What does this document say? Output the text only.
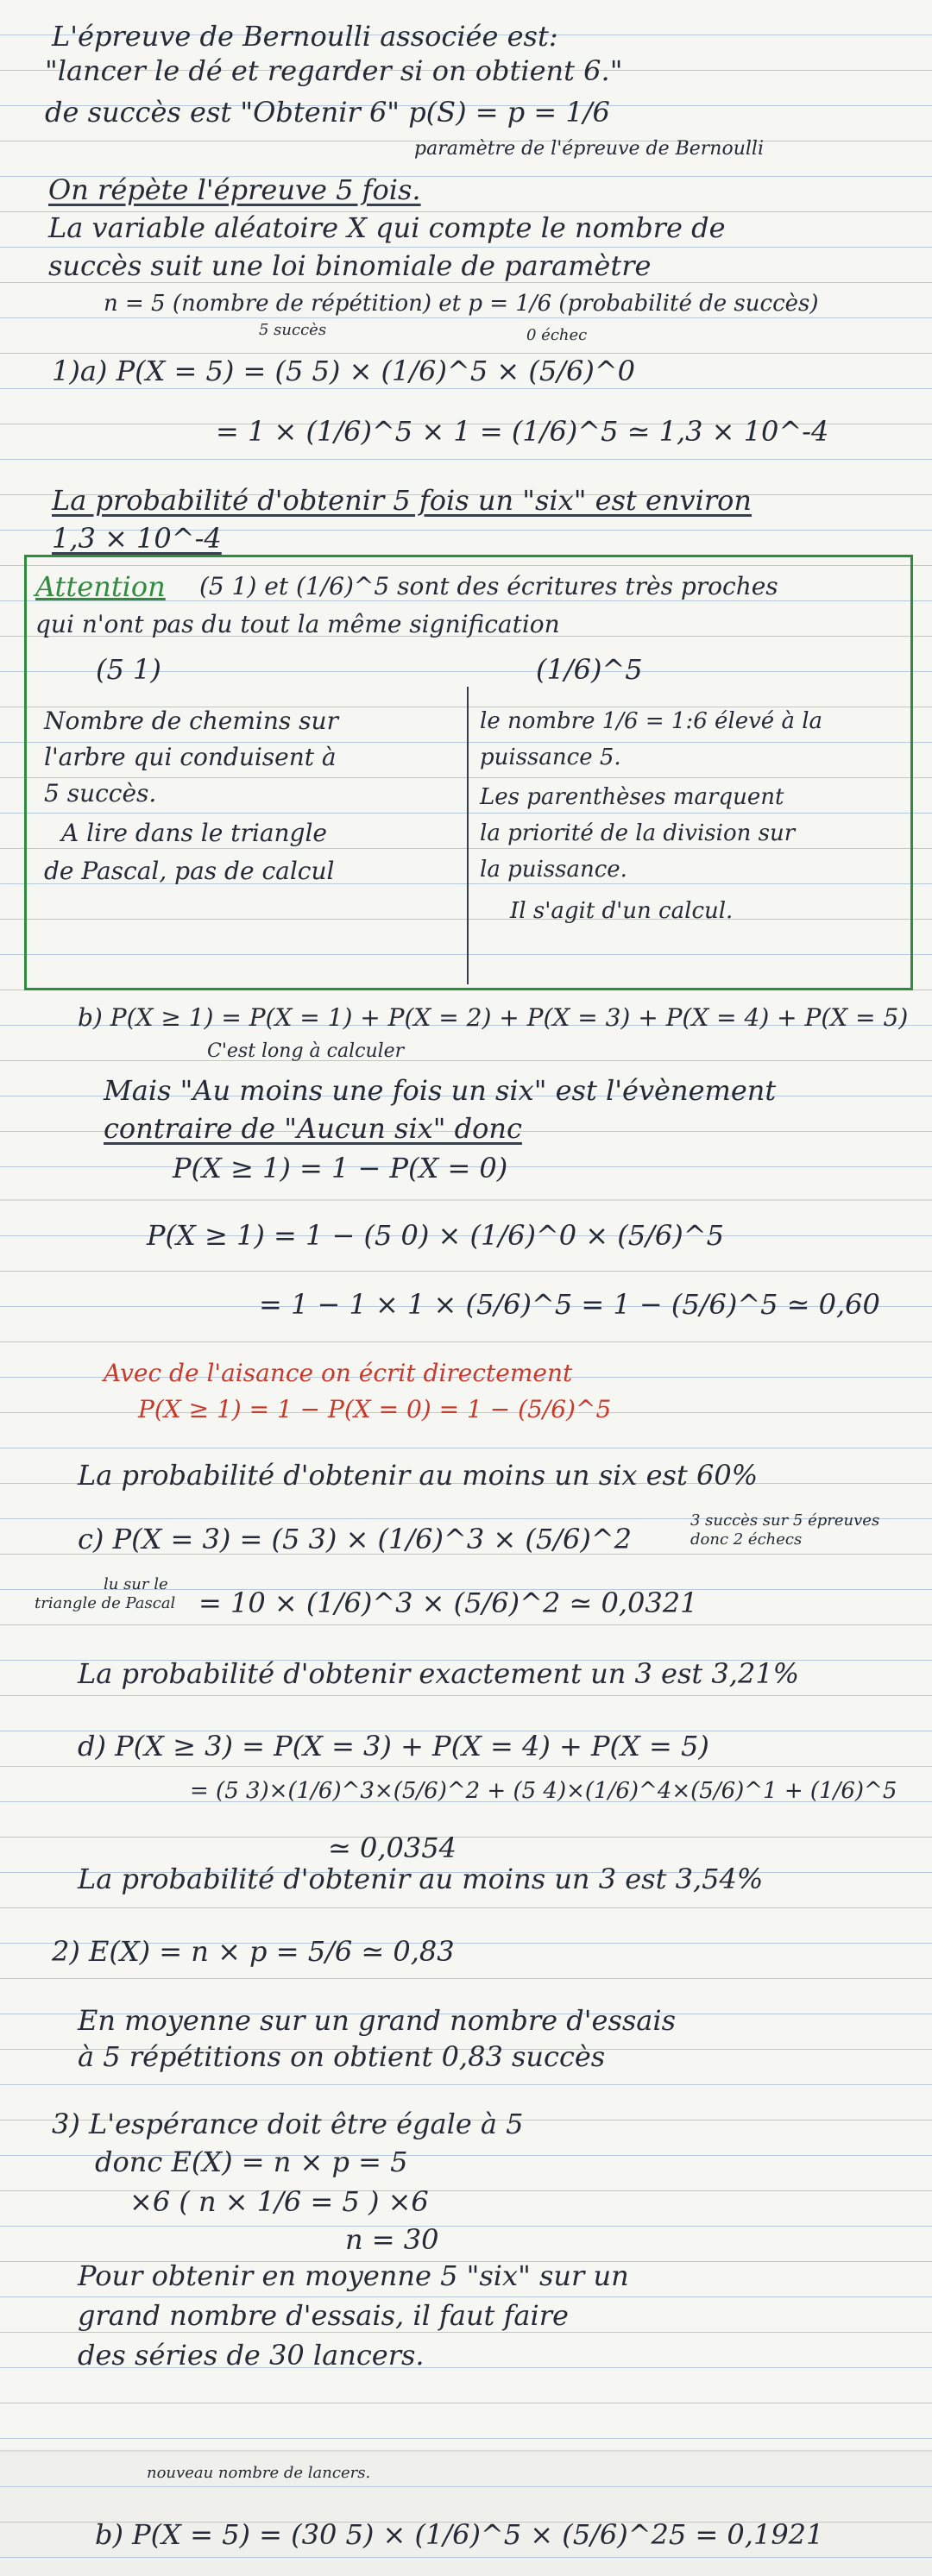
L'épreuve de Bernoulli associée est:
"lancer le dé et regarder si on obtient 6."
de succès est "Obtenir 6" p(S) = p = 1/6
paramètre de l'épreuve de Bernoulli
On répète l'épreuve 5 fois.
La variable aléatoire X qui compte le nombre de
succès suit une loi binomiale de paramètre
n = 5 (nombre de répétition) et p = 1/6 (probabilité de succès)
5 succès	0 échec
1)a) P(X = 5) = (5 5) × (1/6)^5 × (5/6)^0
= 1 × (1/6)^5 × 1 = (1/6)^5 ≃ 1,3 × 10^-4
La probabilité d'obtenir 5 fois un "six" est environ
1,3 × 10^-4
Attention (5 1) et (1/6)^5 sont des écritures très proches
qui n'ont pas du tout la même signification
(5 1)	(1/6)^5
Nombre de chemins sur
l'arbre qui conduisent à
5 succès.
A lire dans le triangle
de Pascal, pas de calcul
le nombre 1/6 = 1:6 élevé à la
puissance 5.
Les parenthèses marquent
la priorité de la division sur
la puissance.
Il s'agit d'un calcul.
b) P(X ≥ 1) = P(X = 1) + P(X = 2) + P(X = 3) + P(X = 4) + P(X = 5)
C'est long à calculer
Mais "Au moins une fois un six" est l'évènement
contraire de "Aucun six" donc
P(X ≥ 1) = 1 − P(X = 0)
P(X ≥ 1) = 1 − (5 0) × (1/6)^0 × (5/6)^5
= 1 − 1 × 1 × (5/6)^5 = 1 − (5/6)^5 ≃ 0,60
Avec de l'aisance on écrit directement
P(X ≥ 1) = 1 − P(X = 0) = 1 − (5/6)^5
La probabilité d'obtenir au moins un six est 60%
c) P(X = 3) = (5 3) × (1/6)^3 × (5/6)^2
3 succès sur 5 épreuves donc 2 échecs
lu sur le
triangle de Pascal = 10 × (1/6)^3 × (5/6)^2 ≃ 0,0321
La probabilité d'obtenir exactement un 3 est 3,21%
d) P(X ≥ 3) = P(X = 3) + P(X = 4) + P(X = 5)
= (5 3)×(1/6)^3×(5/6)^2 + (5 4)×(1/6)^4×(5/6)^1 + (1/6)^5
≃ 0,0354
La probabilité d'obtenir au moins un 3 est 3,54%
2) E(X) = n × p = 5/6 ≃ 0,83
En moyenne sur un grand nombre d'essais
à 5 répétitions on obtient 0,83 succès
3) L'espérance doit être égale à 5
donc E(X) = n × p = 5
×6 ( n × 1/6 = 5 ) ×6
n = 30
Pour obtenir en moyenne 5 "six" sur un
grand nombre d'essais, il faut faire
des séries de 30 lancers.
nouveau nombre de lancers.
b) P(X = 5) = (30 5) × (1/6)^5 × (5/6)^25 = 0,1921
